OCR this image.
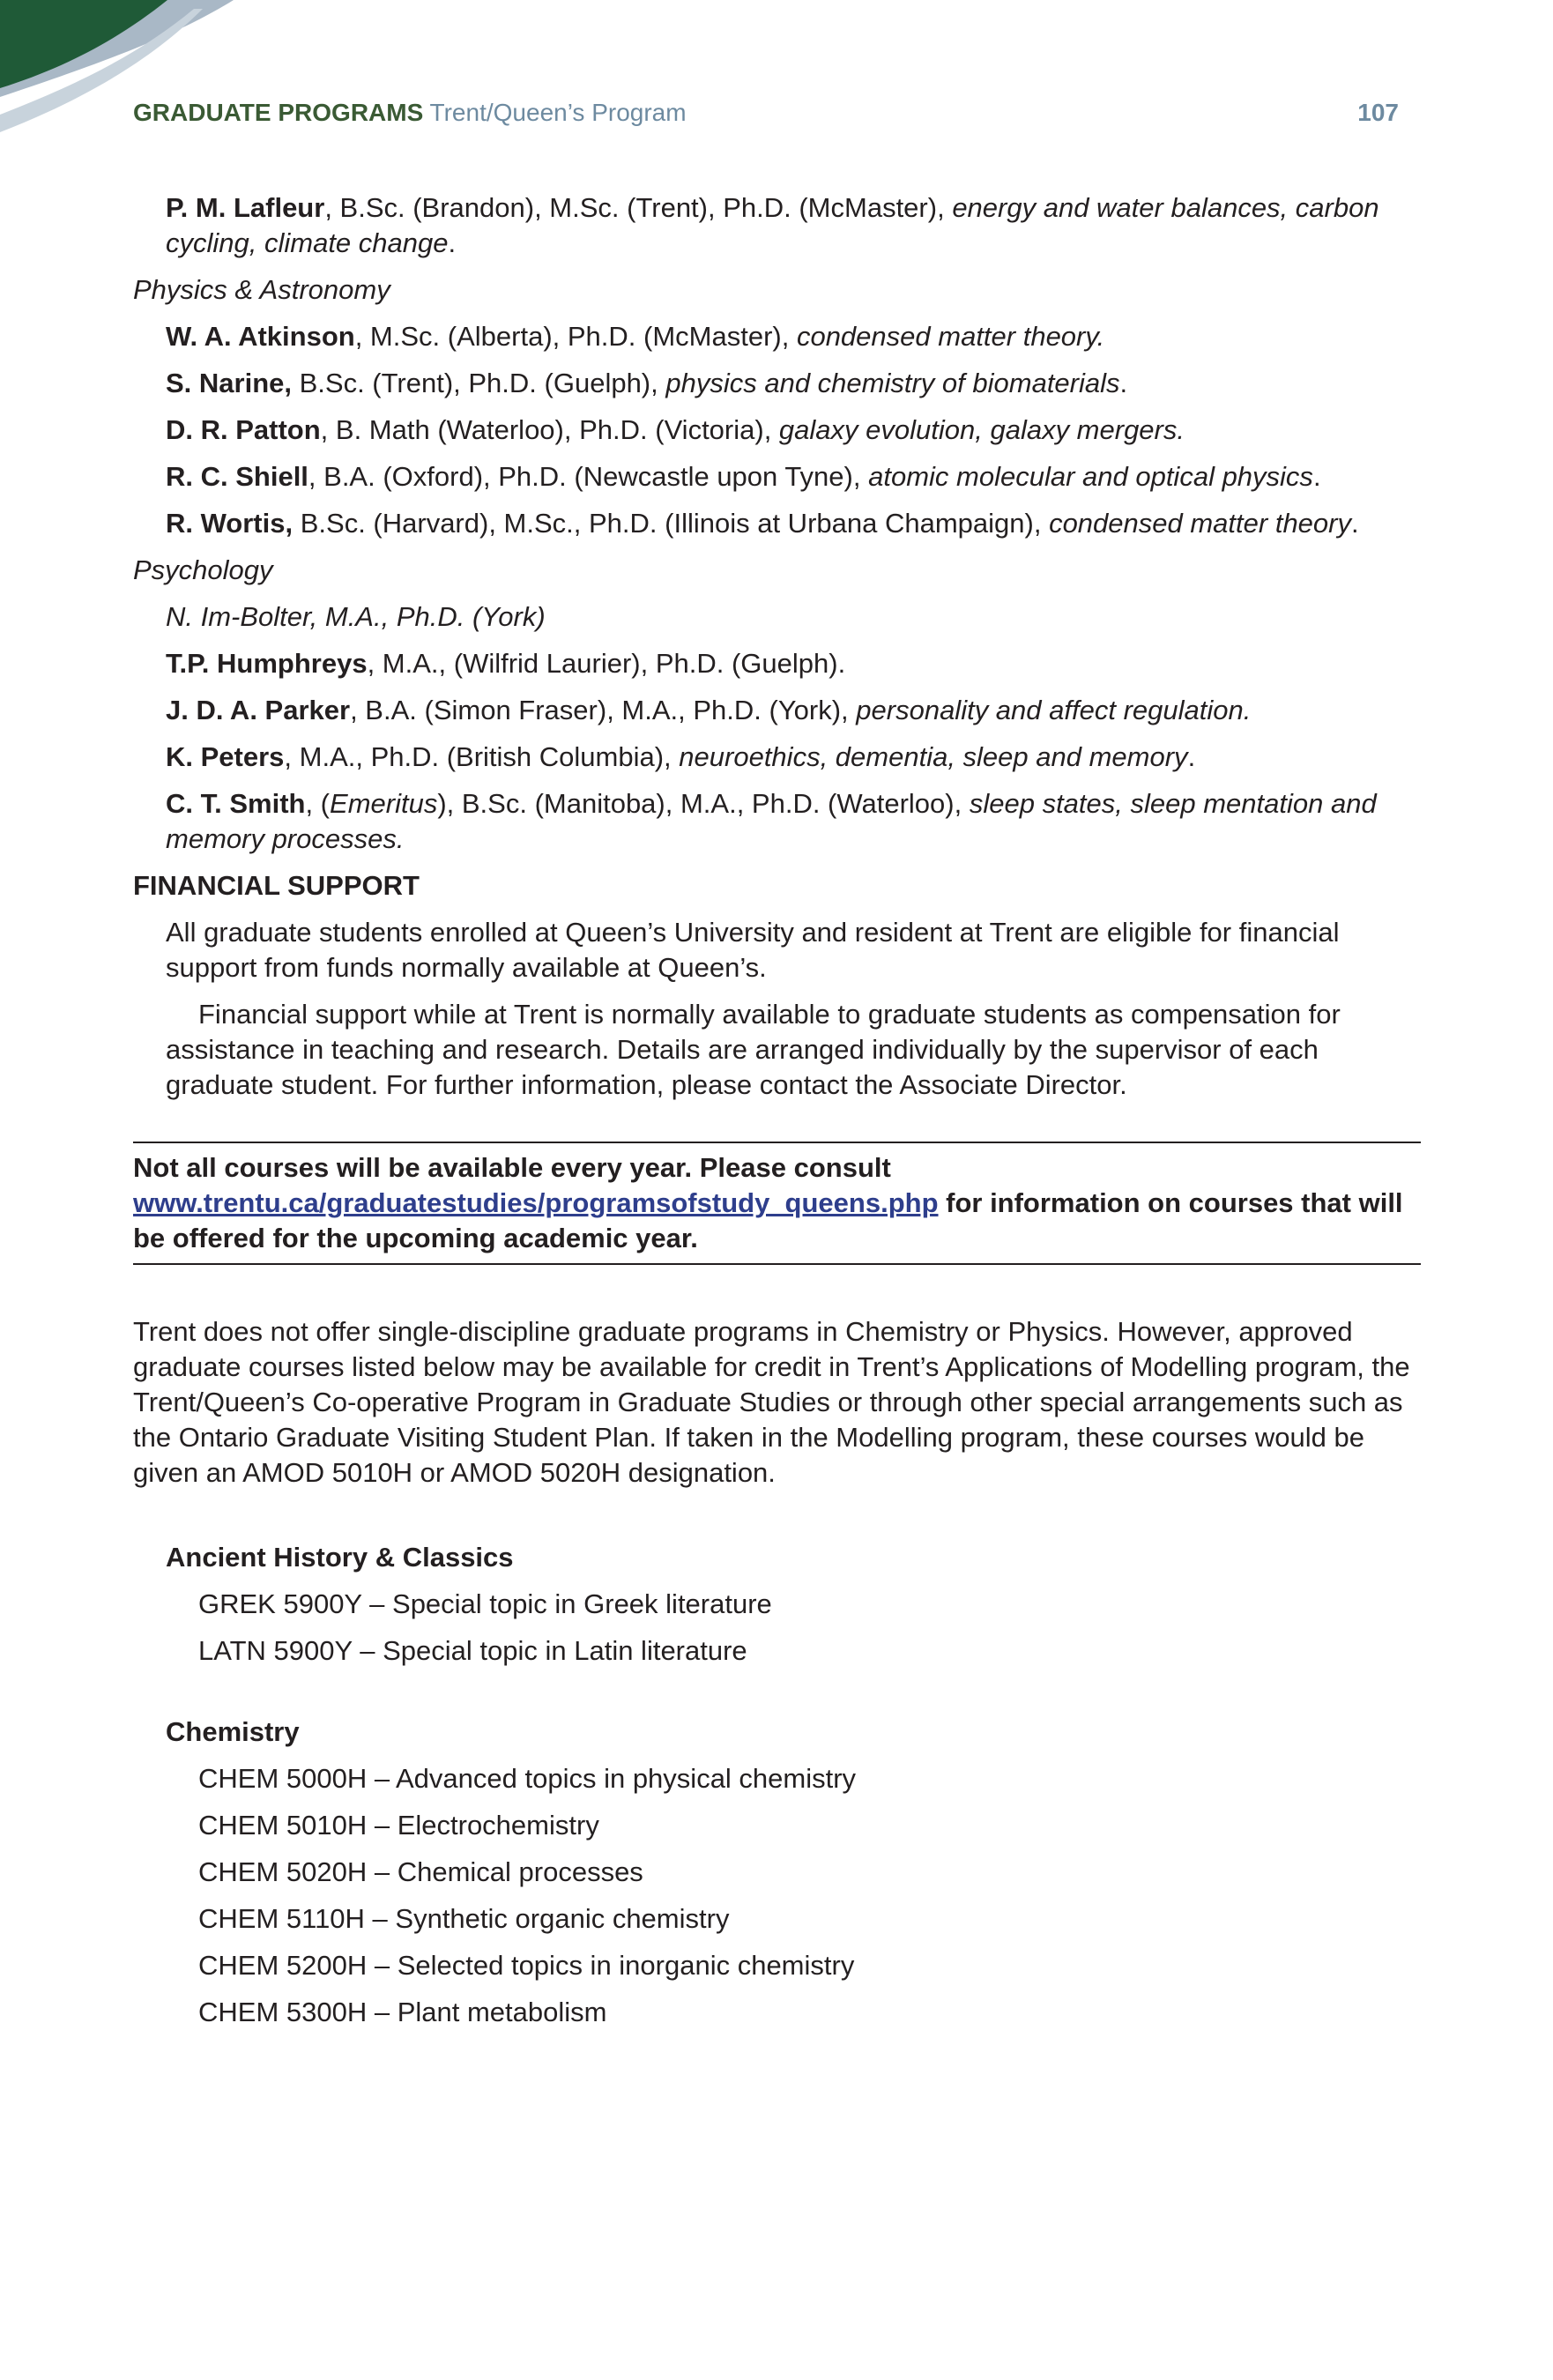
GRADUATE PROGRAMS Trent/Queen’s Program	107

P. M. Lafleur, B.Sc. (Brandon), M.Sc. (Trent), Ph.D. (McMaster), energy and water balances, carbon cycling, climate change.

Physics & Astronomy

W. A. Atkinson, M.Sc. (Alberta), Ph.D. (McMaster), condensed matter theory.

S. Narine, B.Sc. (Trent), Ph.D. (Guelph), physics and chemistry of biomaterials.

D. R. Patton, B. Math (Waterloo), Ph.D. (Victoria), galaxy evolution, galaxy mergers.

R. C. Shiell, B.A. (Oxford), Ph.D. (Newcastle upon Tyne), atomic molecular and optical physics.

R. Wortis, B.Sc. (Harvard), M.Sc., Ph.D. (Illinois at Urbana Champaign), condensed matter theory.

Psychology

N. Im-Bolter, M.A., Ph.D. (York)

T.P. Humphreys, M.A., (Wilfrid Laurier), Ph.D. (Guelph).

J. D. A. Parker, B.A. (Simon Fraser), M.A., Ph.D. (York), personality and affect regulation.

K. Peters, M.A., Ph.D. (British Columbia), neuroethics, dementia, sleep and memory.

C. T. Smith, (Emeritus), B.Sc. (Manitoba), M.A., Ph.D. (Waterloo), sleep states, sleep mentation and memory processes.

FINANCIAL SUPPORT

All graduate students enrolled at Queen’s University and resident at Trent are eligible for financial support from funds normally available at Queen’s.

Financial support while at Trent is normally available to graduate students as compensation for assistance in teaching and research. Details are arranged individually by the supervisor of each graduate student. For further information, please contact the Associate Director.

Not all courses will be available every year. Please consult www.trentu.ca/graduatestudies/programsofstudy_queens.php for information on courses that will be offered for the upcoming academic year.

Trent does not offer single-discipline graduate programs in Chemistry or Physics. However, approved graduate courses listed below may be available for credit in Trent’s Applications of Modelling program, the Trent/Queen’s Co-operative Program in Graduate Studies or through other special arrangements such as the Ontario Graduate Visiting Student Plan. If taken in the Modelling program, these courses would be given an AMOD 5010H or AMOD 5020H designation.

Ancient History & Classics

GREK 5900Y – Special topic in Greek literature

LATN 5900Y – Special topic in Latin literature

Chemistry

CHEM 5000H – Advanced topics in physical chemistry

CHEM 5010H – Electrochemistry

CHEM 5020H – Chemical processes

CHEM 5110H – Synthetic organic chemistry

CHEM 5200H – Selected topics in inorganic chemistry

CHEM 5300H – Plant metabolism
